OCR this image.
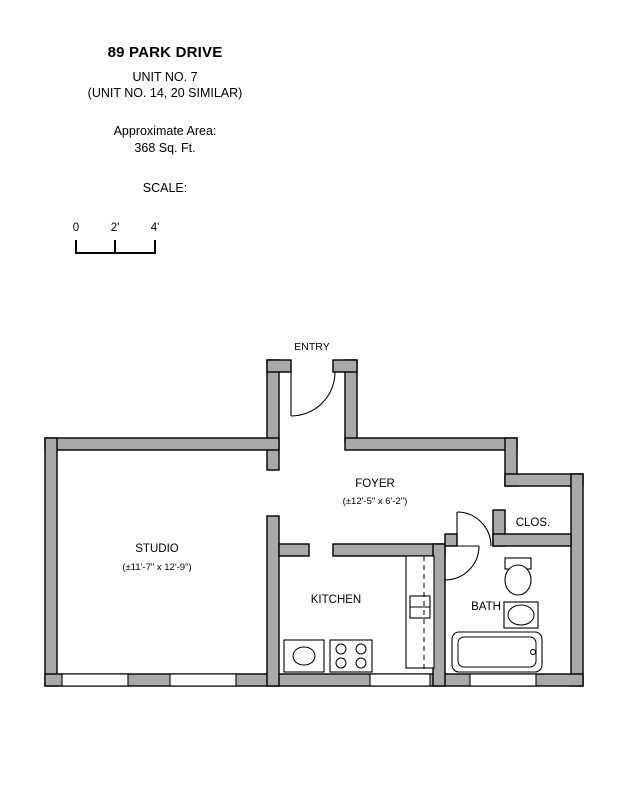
89 PARK DRIVE
UNIT NO. 7
(UNIT NO. 14, 20 SIMILAR)
Approximate Area:
368 Sq. Ft.
SCALE:
0	2'	4'
ENTRY
STUDIO
(±11'-7" x 12'-9")
FOYER
(±12'-5" x 6'-2")
KITCHEN
BATH
CLOS.
